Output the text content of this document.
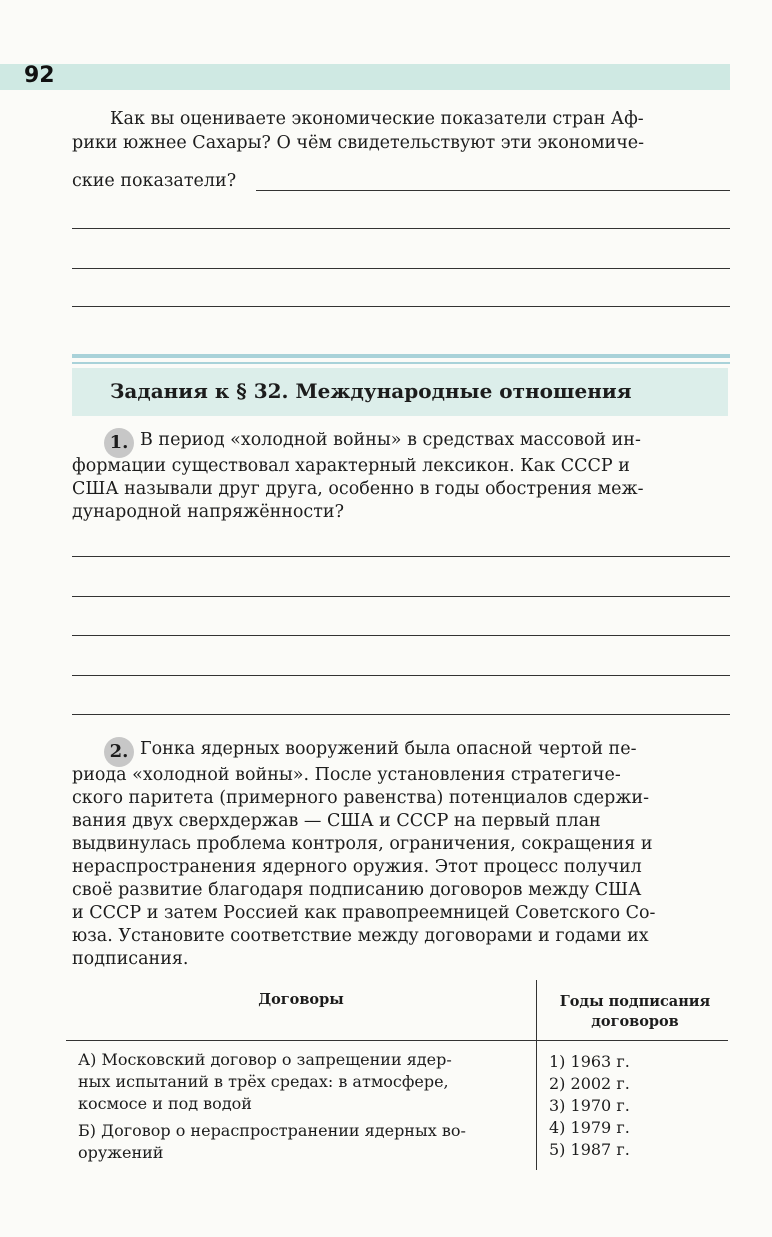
92
Как вы оцениваете экономические показатели стран Аф-
рики южнее Сахары? О чём свидетельствуют эти экономиче-
ские показатели?
Задания к § 32. Международные отношения
1. В период «холодной войны» в средствах массовой ин-
формации существовал характерный лексикон. Как СССР и
США называли друг друга, особенно в годы обострения меж-
дународной напряжённости?
2. Гонка ядерных вооружений была опасной чертой пе-
риода «холодной войны». После установления стратегиче-
ского паритета (примерного равенства) потенциалов сдержи-
вания двух сверхдержав — США и СССР на первый план
выдвинулась проблема контроля, ограничения, сокращения и
нераспространения ядерного оружия. Этот процесс получил
своё развитие благодаря подписанию договоров между США
и СССР и затем Россией как правопреемницей Советского Со-
юза. Установите соответствие между договорами и годами их
подписания.
Договоры	Годы подписания
договоров
А) Московский договор о запрещении ядер-
ных испытаний в трёх средах: в атмосфере,
космосе и под водой
Б) Договор о нераспространении ядерных во-
оружений
1) 1963 г.
2) 2002 г.
3) 1970 г.
4) 1979 г.
5) 1987 г.
